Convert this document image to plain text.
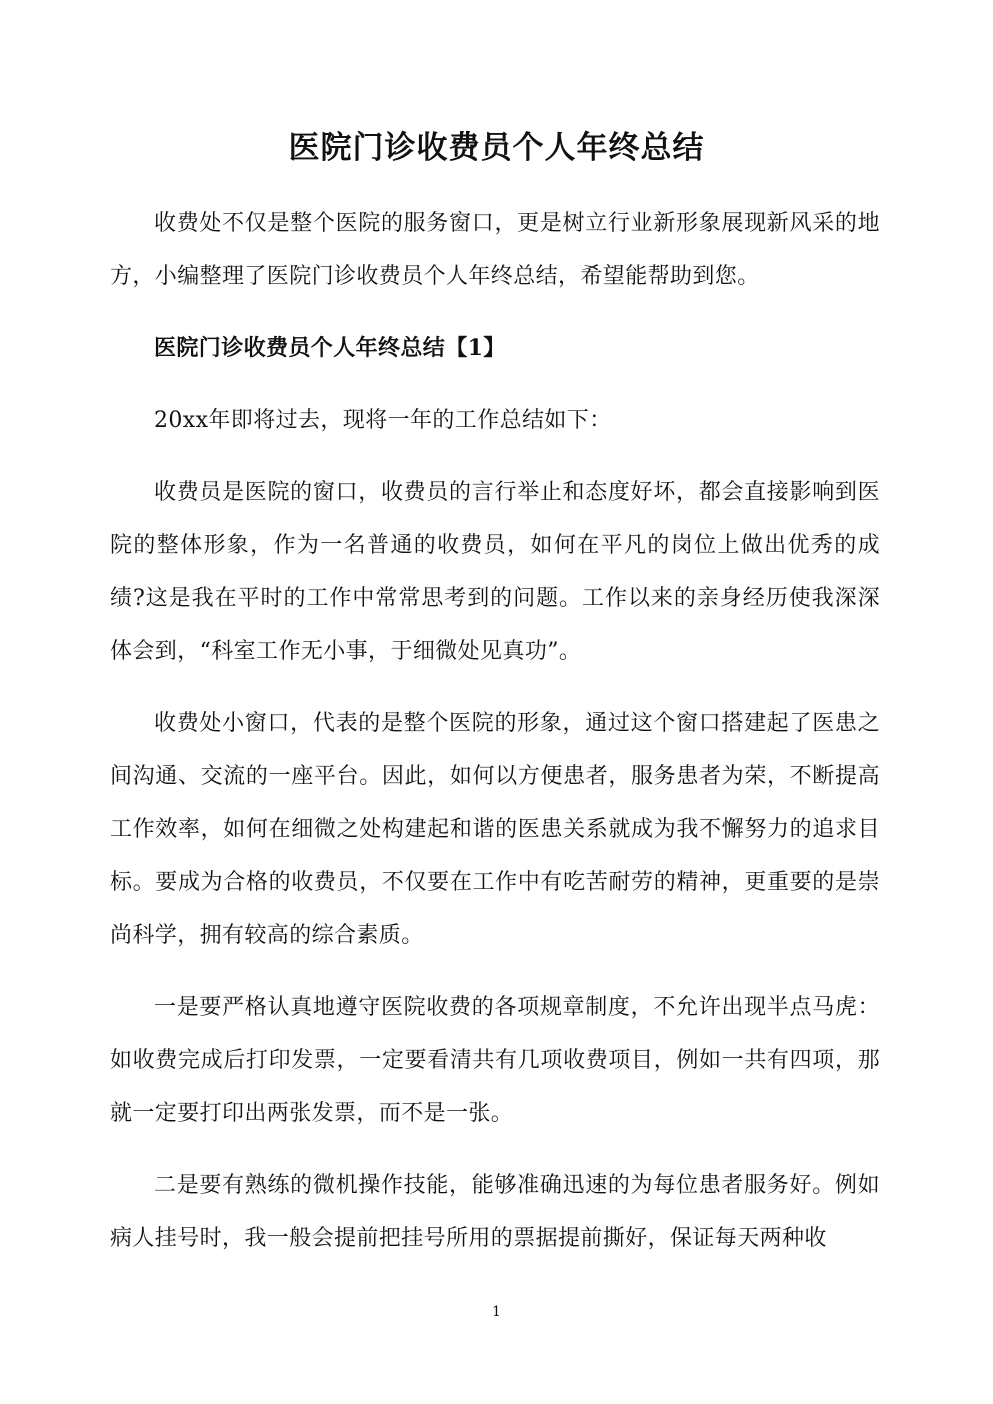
医院门诊收费员个人年终总结

收费处不仅是整个医院的服务窗口，更是树立行业新形象展现新风采的地方，小编整理了医院门诊收费员个人年终总结，希望能帮助到您。

医院门诊收费员个人年终总结【1】

20xx年即将过去，现将一年的工作总结如下：

收费员是医院的窗口，收费员的言行举止和态度好坏，都会直接影响到医院的整体形象，作为一名普通的收费员，如何在平凡的岗位上做出优秀的成绩?这是我在平时的工作中常常思考到的问题。工作以来的亲身经历使我深深体会到，“科室工作无小事，于细微处见真功”。

收费处小窗口，代表的是整个医院的形象，通过这个窗口搭建起了医患之间沟通、交流的一座平台。因此，如何以方便患者，服务患者为荣，不断提高工作效率，如何在细微之处构建起和谐的医患关系就成为我不懈努力的追求目标。要成为合格的收费员，不仅要在工作中有吃苦耐劳的精神，更重要的是崇尚科学，拥有较高的综合素质。

一是要严格认真地遵守医院收费的各项规章制度，不允许出现半点马虎：如收费完成后打印发票，一定要看清共有几项收费项目，例如一共有四项，那就一定要打印出两张发票，而不是一张。

二是要有熟练的微机操作技能，能够准确迅速的为每位患者服务好。例如病人挂号时，我一般会提前把挂号所用的票据提前撕好，保证每天两种收

1
